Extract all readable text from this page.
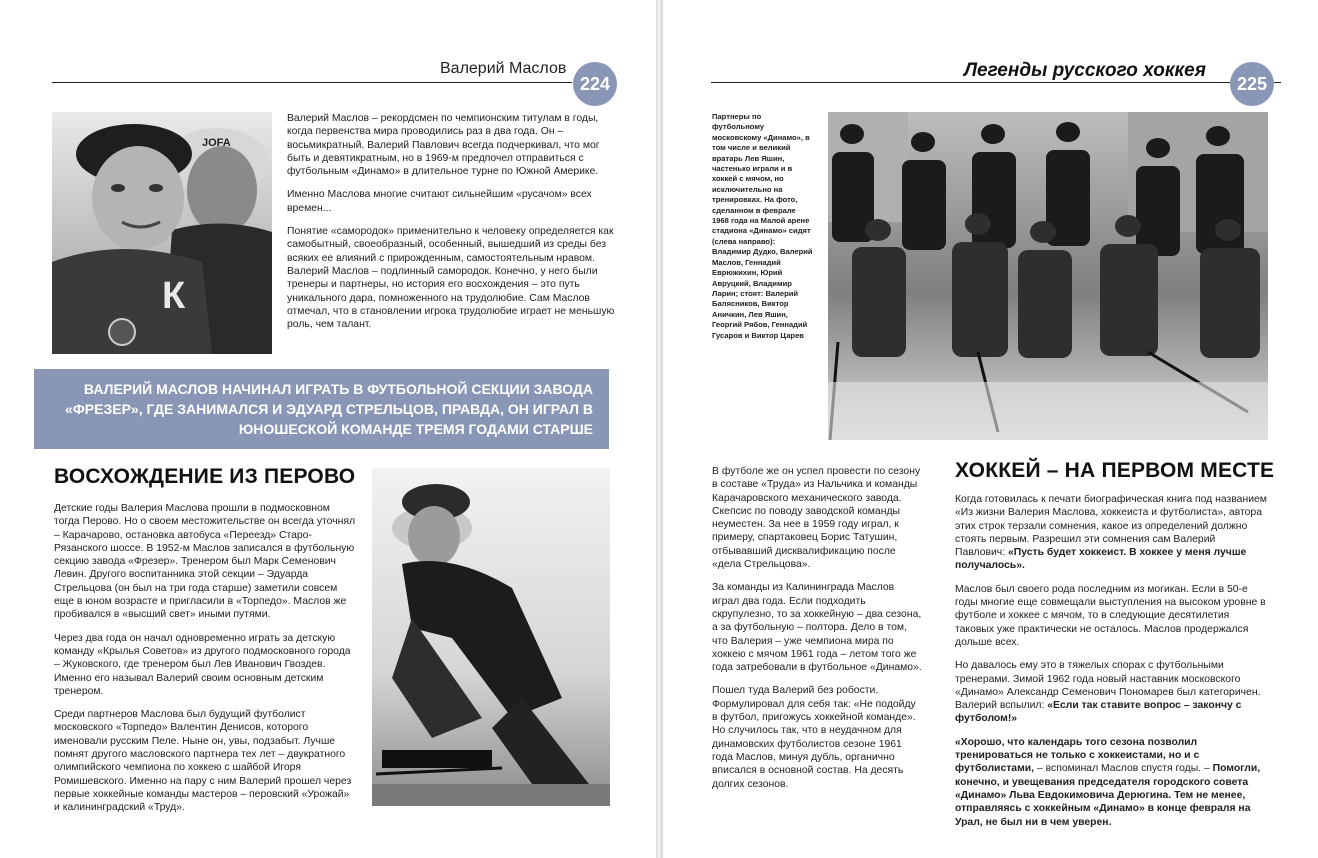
Валерий Маслов
224
JOFA
К

Валерий Маслов – рекордсмен по чемпионским титулам в годы, когда первенства мира проводились раз в два года. Он – восьмикратный. Валерий Павлович всегда подчеркивал, что мог быть и девятикратным, но в 1969-м предпочел отправиться с футбольным «Динамо» в длительное турне по Южной Америке.

Именно Маслова многие считают сильнейшим «русачом» всех времен...

Понятие «самородок» применительно к человеку определяется как самобытный, своеобразный, особенный, вышедший из среды без всяких ее влияний с прирожденным, самостоятельным нравом. Валерий Маслов – подлинный самородок. Конечно, у него были тренеры и партнеры, но история его восхождения – это путь уникального дара, помноженного на трудолюбие. Сам Маслов отмечал, что в становлении игрока трудолюбие играет не меньшую роль, чем талант.

ВАЛЕРИЙ МАСЛОВ НАЧИНАЛ ИГРАТЬ В ФУТБОЛЬНОЙ СЕКЦИИ ЗАВОДА «ФРЕЗЕР», ГДЕ ЗАНИМАЛСЯ И ЭДУАРД СТРЕЛЬЦОВ, ПРАВДА, ОН ИГРАЛ В ЮНОШЕСКОЙ КОМАНДЕ ТРЕМЯ ГОДАМИ СТАРШЕ
ВОСХОЖДЕНИЕ ИЗ ПЕРОВО

Детские годы Валерия Маслова прошли в подмосковном тогда Перово. Но о своем местожительстве он всегда уточнял – Карачарово, остановка автобуса «Переезд» Старо-Рязанского шоссе. В 1952-м Маслов записался в футбольную секцию завода «Фрезер». Тренером был Марк Семенович Левин. Другого воспитанника этой секции – Эдуарда Стрельцова (он был на три года старше) заметили совсем еще в юном возрасте и пригласили в «Торпедо». Маслов же пробивался в «высший свет» иными путями.

Через два года он начал одновременно играть за детскую команду «Крылья Советов» из другого подмосковного города – Жуковского, где тренером был Лев Иванович Гвоздев. Именно его называл Валерий своим основным детским тренером.

Среди партнеров Маслова был будущий футболист московского «Торпедо» Валентин Денисов, которого именовали русским Пеле. Ныне он, увы, подзабыт. Лучше помнят другого масловского партнера тех лет – двукратного олимпийского чемпиона по хоккею с шайбой Игоря Ромишевского. Именно на пару с ним Валерий прошел через первые хоккейные команды мастеров – перовский «Урожай» и калининградский «Труд».

Легенды русского хоккея
225
Партнеры по футбольному московскому «Динамо», в том числе и великий вратарь Лев Яшин, частенько играли и в хоккей с мячом, но исключительно на тренировках. На фото, сделанном в феврале 1968 года на Малой арене стадиона «Динамо» сидят (слева направо): Владимир Дудко, Валерий Маслов, Геннадий Еврюжихин, Юрий Авруцкий, Владимир Ларин; стоят: Валерий Балясников, Виктор Аничкин, Лев Яшин, Георгий Рябов, Геннадий Гусаров и Виктор Царев

В футболе же он успел провести по сезону в составе «Труда» из Нальчика и команды Карачаровского механического завода. Скепсис по поводу заводской команды неуместен. За нее в 1959 году играл, к примеру, спартаковец Борис Татушин, отбывавший дисквалификацию после «дела Стрельцова».

За команды из Калининграда Маслов играл два года. Если подходить скрупулезно, то за хоккейную – два сезона, а за футбольную – полтора. Дело в том, что Валерия – уже чемпиона мира по хоккею с мячом 1961 года – летом того же года затребовали в футбольное «Динамо».

Пошел туда Валерий без робости. Формулировал для себя так: «Не подойду в футбол, пригожусь хоккейной команде». Но случилось так, что в неудачном для динамовских футболистов сезоне 1961 года Маслов, минуя дубль, органично вписался в основной состав. На десять долгих сезонов.

ХОККЕЙ – НА ПЕРВОМ МЕСТЕ

Когда готовилась к печати биографическая книга под названием «Из жизни Валерия Маслова, хоккеиста и футболиста», автора этих строк терзали сомнения, какое из определений должно стоять первым. Разрешил эти сомнения сам Валерий Павлович: «Пусть будет хоккеист. В хоккее у меня лучше получалось».

Маслов был своего рода последним из могикан. Если в 50-е годы многие еще совмещали выступления на высоком уровне в футболе и хоккее с мячом, то в следующие десятилетия таковых уже практически не осталось. Маслов продержался дольше всех.

Но давалось ему это в тяжелых спорах с футбольными тренерами. Зимой 1962 года новый наставник московского «Динамо» Александр Семенович Пономарев был категоричен. Валерий вспылил: «Если так ставите вопрос – закончу с футболом!»

«Хорошо, что календарь того сезона позволил тренироваться не только с хоккеистами, но и с футболистами, – вспоминал Маслов спустя годы. – Помогли, конечно, и увещевания председателя городского совета «Динамо» Льва Евдокимовича Дерюгина. Тем не менее, отправляясь с хоккейным «Динамо» в конце февраля на Урал, не был ни в чем уверен.
